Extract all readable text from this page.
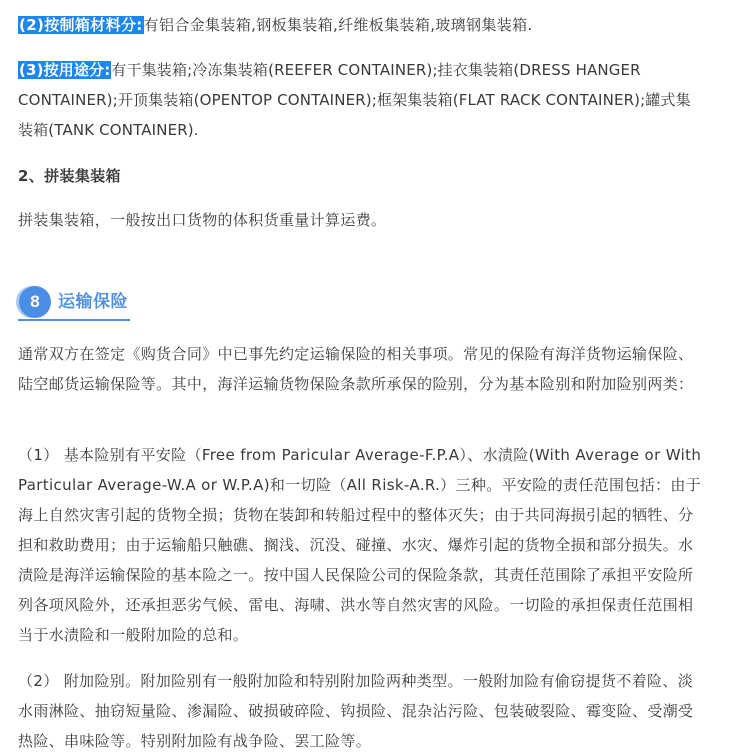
(2)按制箱材料分:有铝合金集装箱,钢板集装箱,纤维板集装箱,玻璃钢集装箱.

(3)按用途分:有干集装箱;冷冻集装箱(REEFER CONTAINER);挂衣集装箱(DRESS HANGER CONTAINER);开顶集装箱(OPENTOP CONTAINER);框架集装箱(FLAT RACK CONTAINER);罐式集装箱(TANK CONTAINER).

2、拼装集装箱

拼装集装箱，一般按出口货物的体积货重量计算运费。

8	运输保险

通常双方在签定《购货合同》中已事先约定运输保险的相关事项。常见的保险有海洋货物运输保险、陆空邮货运输保险等。其中，海洋运输货物保险条款所承保的险别，分为基本险别和附加险别两类：

（1） 基本险别有平安险（Free from Paricular Average-F.P.A）、水渍险(With Average or With Particular Average-W.A or W.P.A)和一切险（All Risk-A.R.）三种。平安险的责任范围包括：由于海上自然灾害引起的货物全损；货物在装卸和转船过程中的整体灭失；由于共同海损引起的牺牲、分担和救助费用；由于运输船只触礁、搁浅、沉没、碰撞、水灾、爆炸引起的货物全损和部分损失。水渍险是海洋运输保险的基本险之一。按中国人民保险公司的保险条款，其责任范围除了承担平安险所列各项风险外，还承担恶劣气候、雷电、海啸、洪水等自然灾害的风险。一切险的承担保责任范围相当于水渍险和一般附加险的总和。

（2） 附加险别。附加险别有一般附加险和特别附加险两种类型。一般附加险有偷窃提货不着险、淡水雨淋险、抽窃短量险、渗漏险、破损破碎险、钩损险、混杂沾污险、包装破裂险、霉变险、受潮受热险、串味险等。特别附加险有战争险、罢工险等。
